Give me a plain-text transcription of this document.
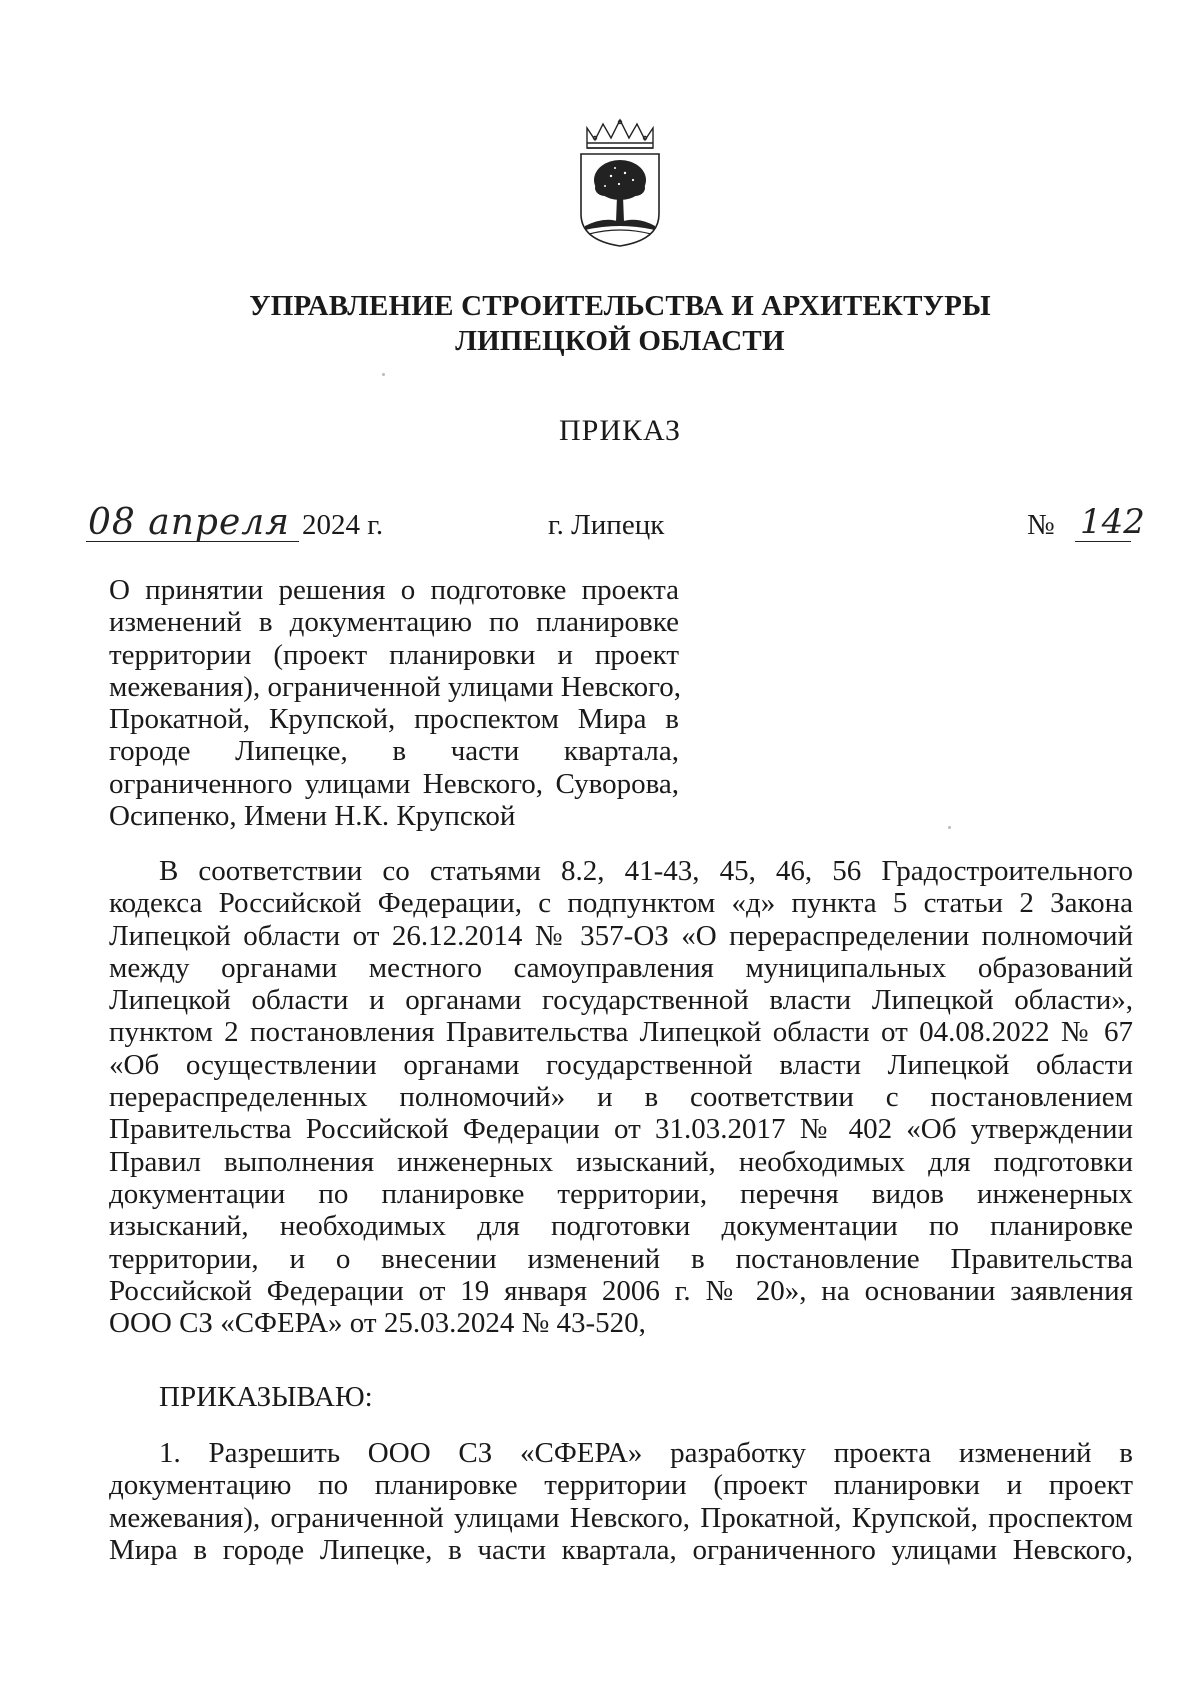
УПРАВЛЕНИЕ СТРОИТЕЛЬСТВА И АРХИТЕКТУРЫ
ЛИПЕЦКОЙ ОБЛАСТИ
ПРИКАЗ
08 апреля 2024 г.	г. Липецк	№ 142
О принятии решения о подготовке проекта
изменений в документацию по планировке
территории (проект планировки и проект
межевания), ограниченной улицами Невского,
Прокатной, Крупской, проспектом Мира в
городе Липецке, в части квартала,
ограниченного улицами Невского, Суворова,
Осипенко, Имени Н.К. Крупской
В соответствии со статьями 8.2, 41-43, 45, 46, 56 Градостроительного
кодекса Российской Федерации, с подпунктом «д» пункта 5 статьи 2 Закона
Липецкой области от 26.12.2014 № 357-ОЗ «О перераспределении полномочий
между органами местного самоуправления муниципальных образований
Липецкой области и органами государственной власти Липецкой области»,
пунктом 2 постановления Правительства Липецкой области от 04.08.2022 № 67
«Об осуществлении органами государственной власти Липецкой области
перераспределенных полномочий» и в соответствии с постановлением
Правительства Российской Федерации от 31.03.2017 № 402 «Об утверждении
Правил выполнения инженерных изысканий, необходимых для подготовки
документации по планировке территории, перечня видов инженерных
изысканий, необходимых для подготовки документации по планировке
территории, и о внесении изменений в постановление Правительства
Российской Федерации от 19 января 2006 г. № 20», на основании заявления
ООО СЗ «СФЕРА» от 25.03.2024 № 43-520,
ПРИКАЗЫВАЮ:
1. Разрешить ООО СЗ «СФЕРА» разработку проекта изменений в
документацию по планировке территории (проект планировки и проект
межевания), ограниченной улицами Невского, Прокатной, Крупской, проспектом
Мира в городе Липецке, в части квартала, ограниченного улицами Невского,
